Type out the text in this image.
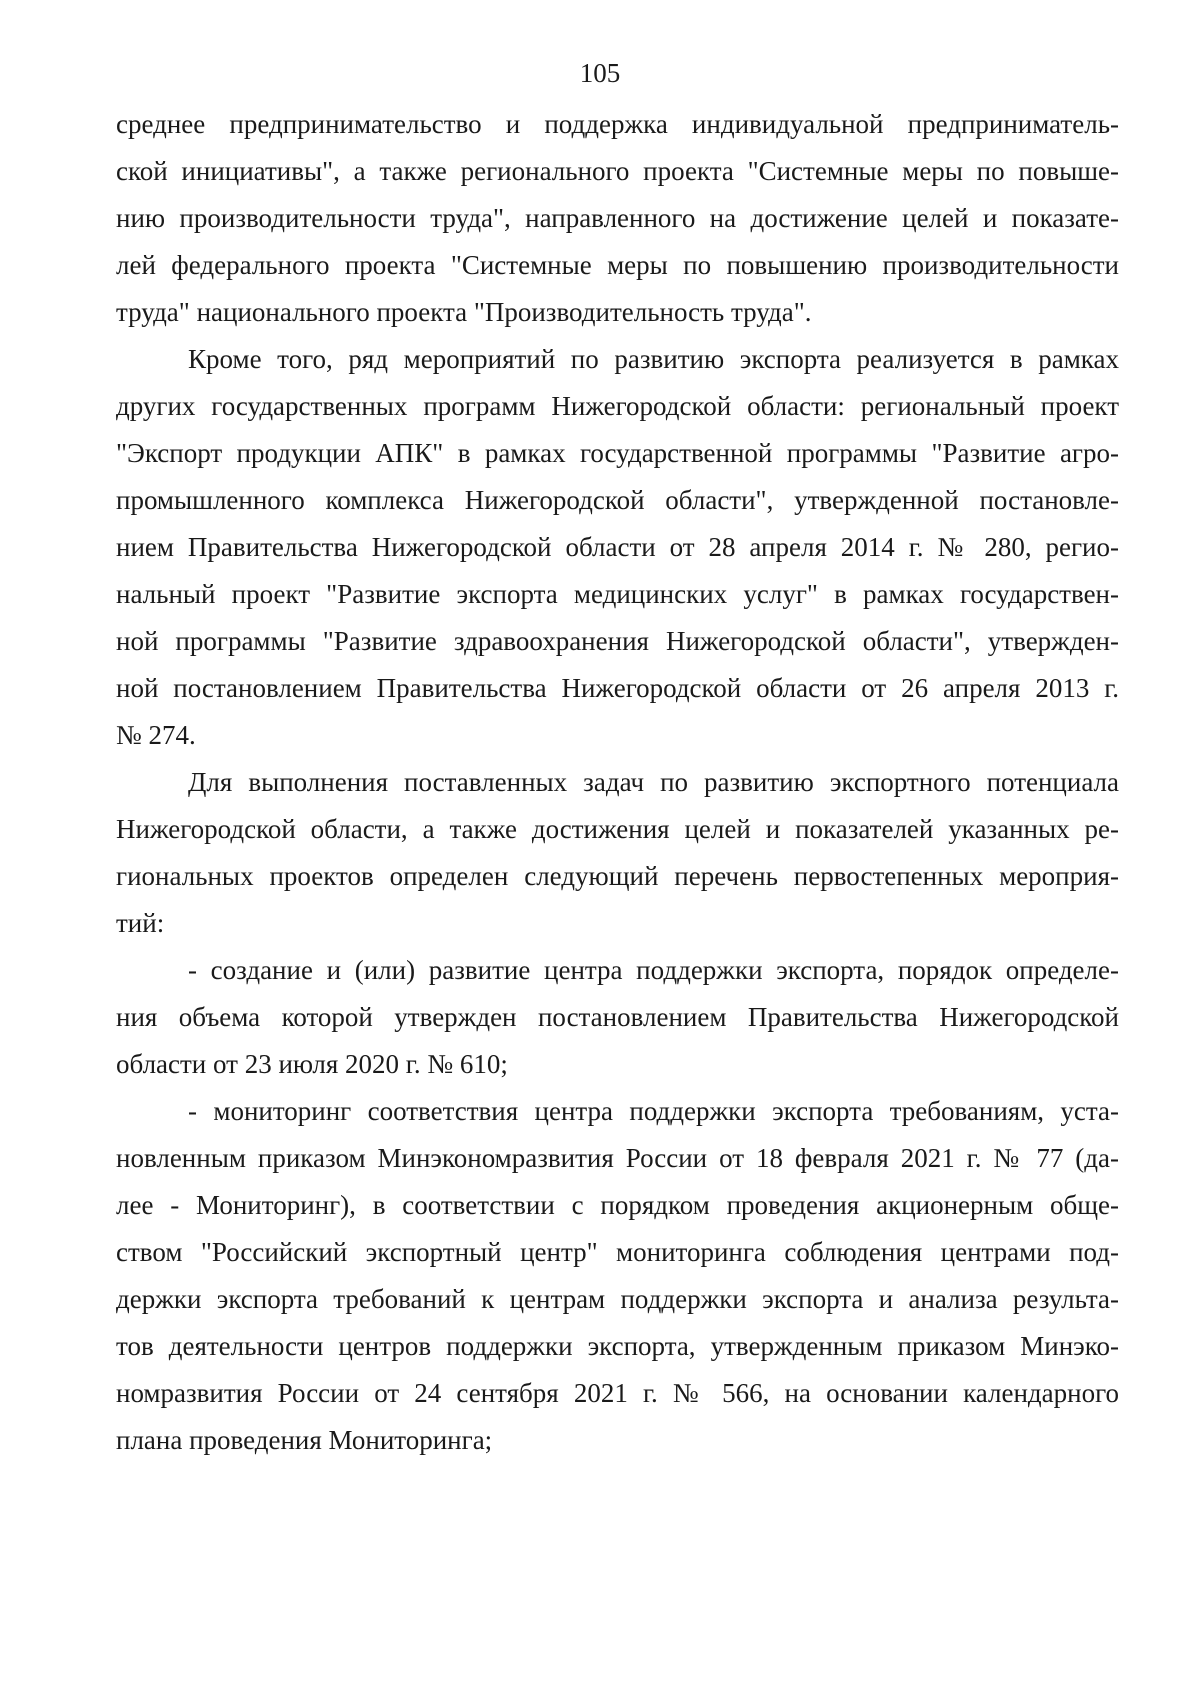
105
среднее предпринимательство и поддержка индивидуальной предприниматель-
ской инициативы", а также регионального проекта "Системные меры по повыше-
нию производительности труда", направленного на достижение целей и показате-
лей федерального проекта "Системные меры по повышению производительности
труда" национального проекта "Производительность труда".
Кроме того, ряд мероприятий по развитию экспорта реализуется в рамках
других государственных программ Нижегородской области: региональный проект
"Экспорт продукции АПК" в рамках государственной программы "Развитие агро-
промышленного комплекса Нижегородской области", утвержденной постановле-
нием Правительства Нижегородской области от 28 апреля 2014 г. № 280, регио-
нальный проект "Развитие экспорта медицинских услуг" в рамках государствен-
ной программы "Развитие здравоохранения Нижегородской области", утвержден-
ной постановлением Правительства Нижегородской области от 26 апреля 2013 г.
№ 274.
Для выполнения поставленных задач по развитию экспортного потенциала
Нижегородской области, а также достижения целей и показателей указанных ре-
гиональных проектов определен следующий перечень первостепенных мероприя-
тий:
- создание и (или) развитие центра поддержки экспорта, порядок определе-
ния объема которой утвержден постановлением Правительства Нижегородской
области от 23 июля 2020 г. № 610;
- мониторинг соответствия центра поддержки экспорта требованиям, уста-
новленным приказом Минэкономразвития России от 18 февраля 2021 г. № 77 (да-
лее - Мониторинг), в соответствии с порядком проведения акционерным обще-
ством "Российский экспортный центр" мониторинга соблюдения центрами под-
держки экспорта требований к центрам поддержки экспорта и анализа результа-
тов деятельности центров поддержки экспорта, утвержденным приказом Минэко-
номразвития России от 24 сентября 2021 г. № 566, на основании календарного
плана проведения Мониторинга;
